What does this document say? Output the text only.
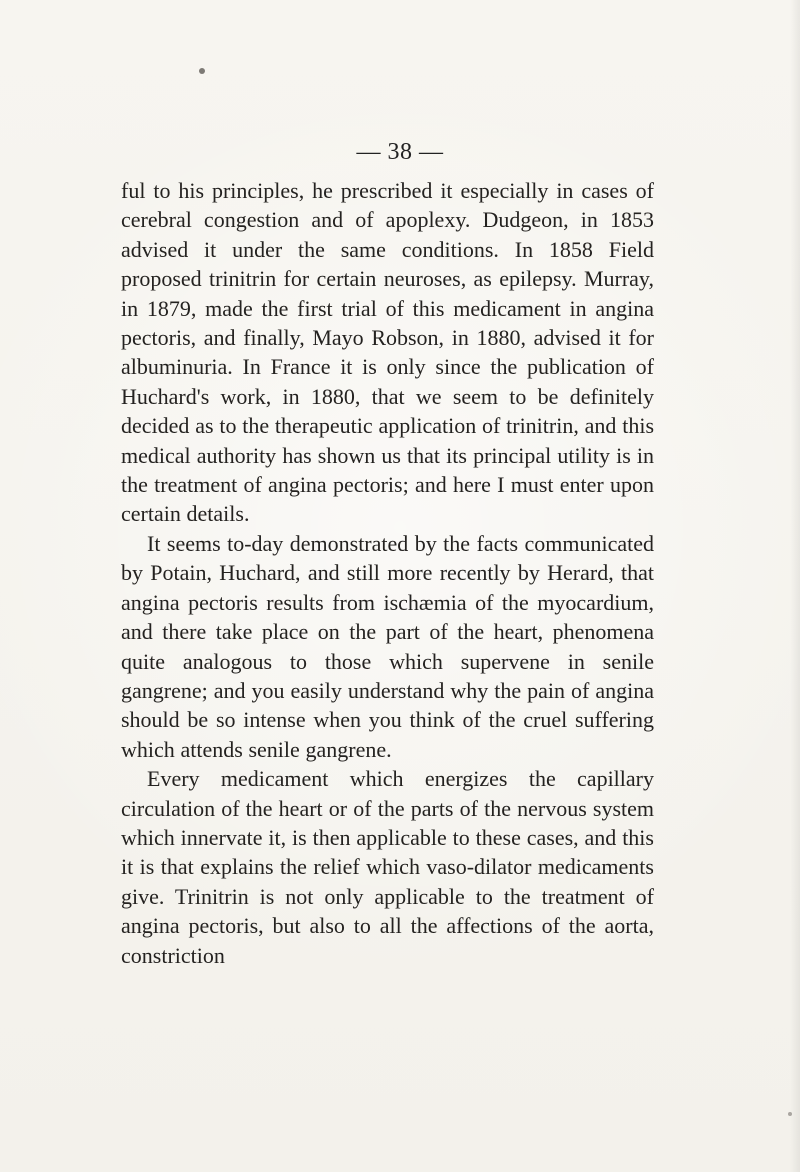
— 38 —

ful to his principles, he prescribed it especially in cases of cerebral congestion and of apoplexy. Dudgeon, in 1853 advised it under the same conditions. In 1858 Field proposed trinitrin for certain neuroses, as epilepsy. Murray, in 1879, made the first trial of this medicament in angina pectoris, and finally, Mayo Robson, in 1880, advised it for albuminuria. In France it is only since the publication of Huchard's work, in 1880, that we seem to be definitely decided as to the therapeutic application of trinitrin, and this medical authority has shown us that its principal utility is in the treatment of angina pectoris; and here I must enter upon certain details.

It seems to-day demonstrated by the facts communicated by Potain, Huchard, and still more recently by Herard, that angina pectoris results from ischæmia of the myocardium, and there take place on the part of the heart, phenomena quite analogous to those which supervene in senile gangrene; and you easily understand why the pain of angina should be so intense when you think of the cruel suffering which attends senile gangrene.

Every medicament which energizes the capillary circulation of the heart or of the parts of the nervous system which innervate it, is then applicable to these cases, and this it is that explains the relief which vaso-dilator medicaments give. Trinitrin is not only applicable to the treatment of angina pectoris, but also to all the affections of the aorta, constriction
